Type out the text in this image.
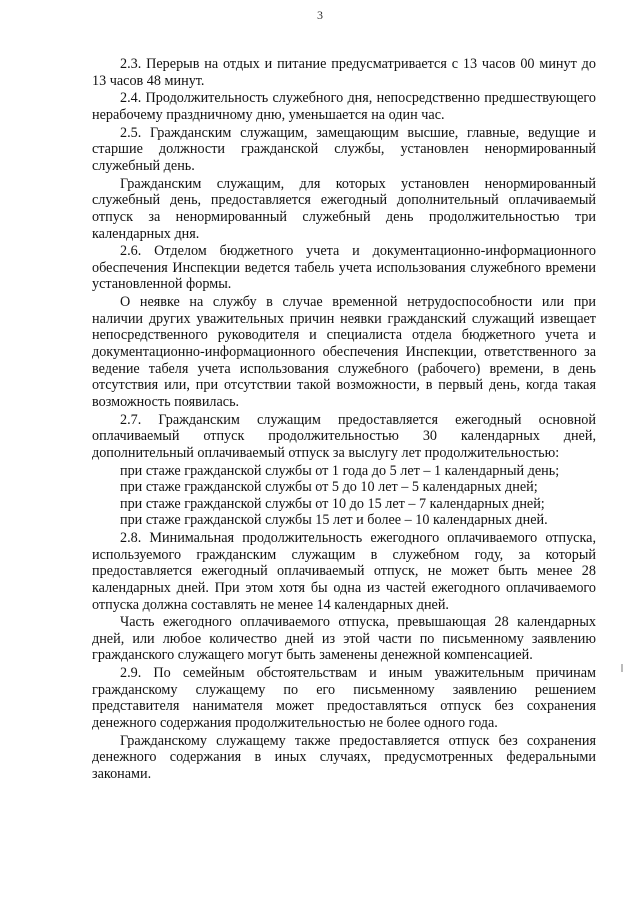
3

2.3. Перерыв на отдых и питание предусматривается с 13 часов 00 минут до 13 часов 48 минут.

2.4. Продолжительность служебного дня, непосредственно предшествующего нерабочему праздничному дню, уменьшается на один час.

2.5. Гражданским служащим, замещающим высшие, главные, ведущие и старшие должности гражданской службы, установлен ненормированный служебный день.

Гражданским служащим, для которых установлен ненормированный служебный день, предоставляется ежегодный дополнительный оплачиваемый отпуск за ненормированный служебный день продолжительностью три календарных дня.

2.6. Отделом бюджетного учета и документационно-информационного обеспечения Инспекции ведется табель учета использования служебного времени установленной формы.

О неявке на службу в случае временной нетрудоспособности или при наличии других уважительных причин неявки гражданский служащий извещает непосредственного руководителя и специалиста отдела бюджетного учета и документационно-информационного обеспечения Инспекции, ответственного за ведение табеля учета использования служебного (рабочего) времени, в день отсутствия или, при отсутствии такой возможности, в первый день, когда такая возможность появилась.

2.7. Гражданским служащим предоставляется ежегодный основной оплачиваемый отпуск продолжительностью 30 календарных дней, дополнительный оплачиваемый отпуск за выслугу лет продолжительностью:

при стаже гражданской службы от 1 года до 5 лет – 1 календарный день;

при стаже гражданской службы от 5 до 10 лет – 5 календарных дней;

при стаже гражданской службы от 10 до 15 лет – 7 календарных дней;

при стаже гражданской службы 15 лет и более – 10 календарных дней.

2.8. Минимальная продолжительность ежегодного оплачиваемого отпуска, используемого гражданским служащим в служебном году, за который предоставляется ежегодный оплачиваемый отпуск, не может быть менее 28 календарных дней. При этом хотя бы одна из частей ежегодного оплачиваемого отпуска должна составлять не менее 14 календарных дней.

Часть ежегодного оплачиваемого отпуска, превышающая 28 календарных дней, или любое количество дней из этой части по письменному заявлению гражданского служащего могут быть заменены денежной компенсацией.

2.9. По семейным обстоятельствам и иным уважительным причинам гражданскому служащему по его письменному заявлению решением представителя нанимателя может предоставляться отпуск без сохранения денежного содержания продолжительностью не более одного года.

Гражданскому служащему также предоставляется отпуск без сохранения денежного содержания в иных случаях, предусмотренных федеральными законами.
